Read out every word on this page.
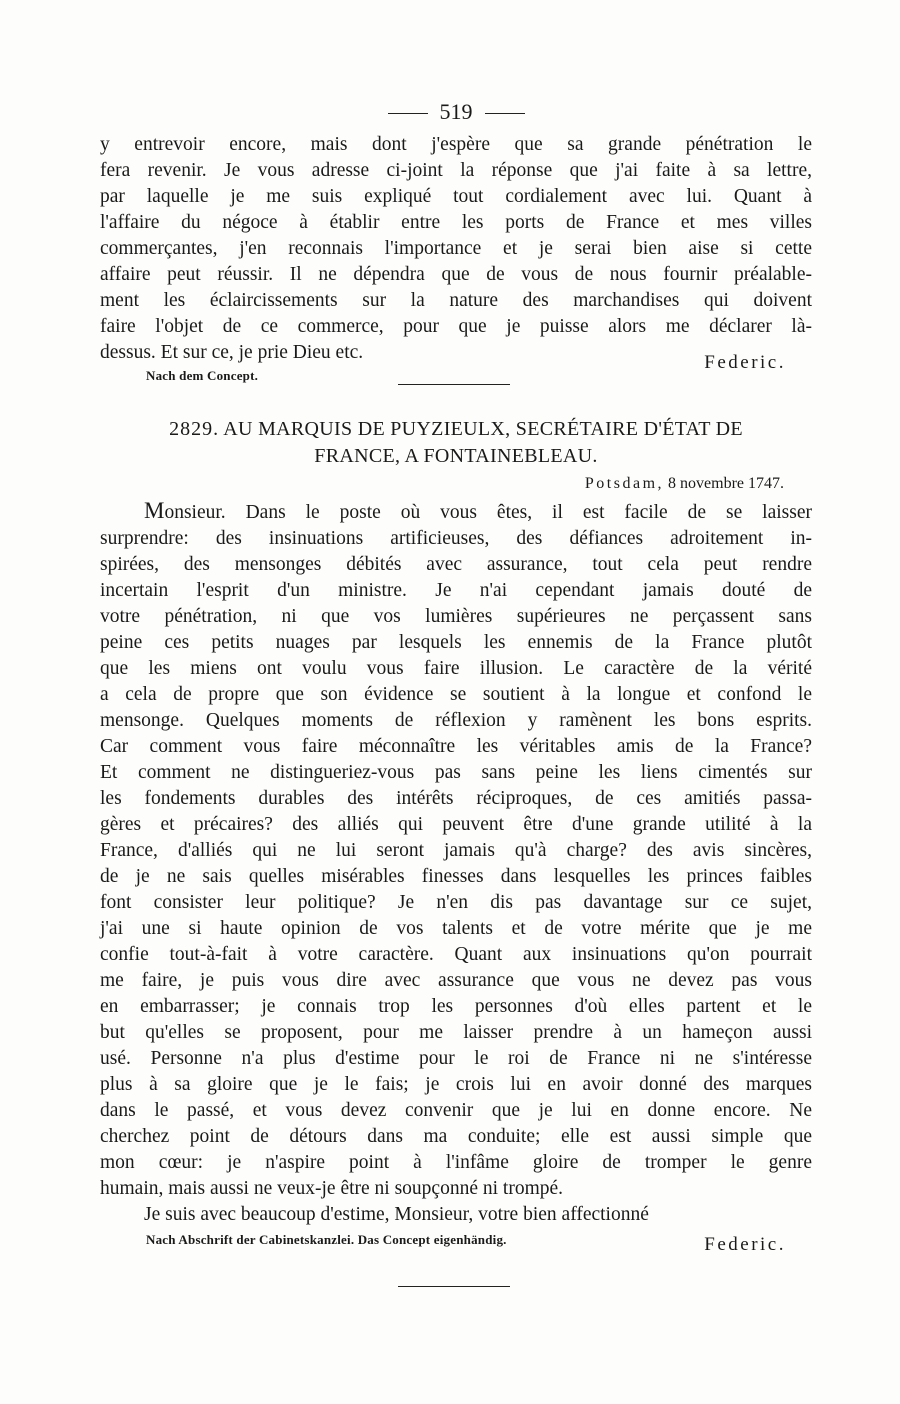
519
y entrevoir encore, mais dont j'espère que sa grande pénétration le
fera revenir. Je vous adresse ci-joint la réponse que j'ai faite à sa lettre,
par laquelle je me suis expliqué tout cordialement avec lui. Quant à
l'affaire du négoce à établir entre les ports de France et mes villes
commerçantes, j'en reconnais l'importance et je serai bien aise si cette
affaire peut réussir. Il ne dépendra que de vous de nous fournir préalable-
ment les éclaircissements sur la nature des marchandises qui doivent
faire l'objet de ce commerce, pour que je puisse alors me déclarer là-
dessus. Et sur ce, je prie Dieu etc.	Federic.
Nach dem Concept.
2829. AU MARQUIS DE PUYZIEULX, SECRÉTAIRE D'ÉTAT DE
FRANCE, A FONTAINEBLEAU.
Potsdam, 8 novembre 1747.
Monsieur. Dans le poste où vous êtes, il est facile de se laisser
surprendre: des insinuations artificieuses, des défiances adroitement in-
spirées, des mensonges débités avec assurance, tout cela peut rendre
incertain l'esprit d'un ministre. Je n'ai cependant jamais douté de
votre pénétration, ni que vos lumières supérieures ne perçassent sans
peine ces petits nuages par lesquels les ennemis de la France plutôt
que les miens ont voulu vous faire illusion. Le caractère de la vérité
a cela de propre que son évidence se soutient à la longue et confond le
mensonge. Quelques moments de réflexion y ramènent les bons esprits.
Car comment vous faire méconnaître les véritables amis de la France?
Et comment ne distingueriez-vous pas sans peine les liens cimentés sur
les fondements durables des intérêts réciproques, de ces amitiés passa-
gères et précaires? des alliés qui peuvent être d'une grande utilité à la
France, d'alliés qui ne lui seront jamais qu'à charge? des avis sincères,
de je ne sais quelles misérables finesses dans lesquelles les princes faibles
font consister leur politique? Je n'en dis pas davantage sur ce sujet,
j'ai une si haute opinion de vos talents et de votre mérite que je me
confie tout-à-fait à votre caractère. Quant aux insinuations qu'on pourrait
me faire, je puis vous dire avec assurance que vous ne devez pas vous
en embarrasser; je connais trop les personnes d'où elles partent et le
but qu'elles se proposent, pour me laisser prendre à un hameçon aussi
usé. Personne n'a plus d'estime pour le roi de France ni ne s'intéresse
plus à sa gloire que je le fais; je crois lui en avoir donné des marques
dans le passé, et vous devez convenir que je lui en donne encore. Ne
cherchez point de détours dans ma conduite; elle est aussi simple que
mon cœur: je n'aspire point à l'infâme gloire de tromper le genre
humain, mais aussi ne veux-je être ni soupçonné ni trompé.
Je suis avec beaucoup d'estime, Monsieur, votre bien affectionné
Nach Abschrift der Cabinetskanzlei. Das Concept eigenhändig.	Federic.
